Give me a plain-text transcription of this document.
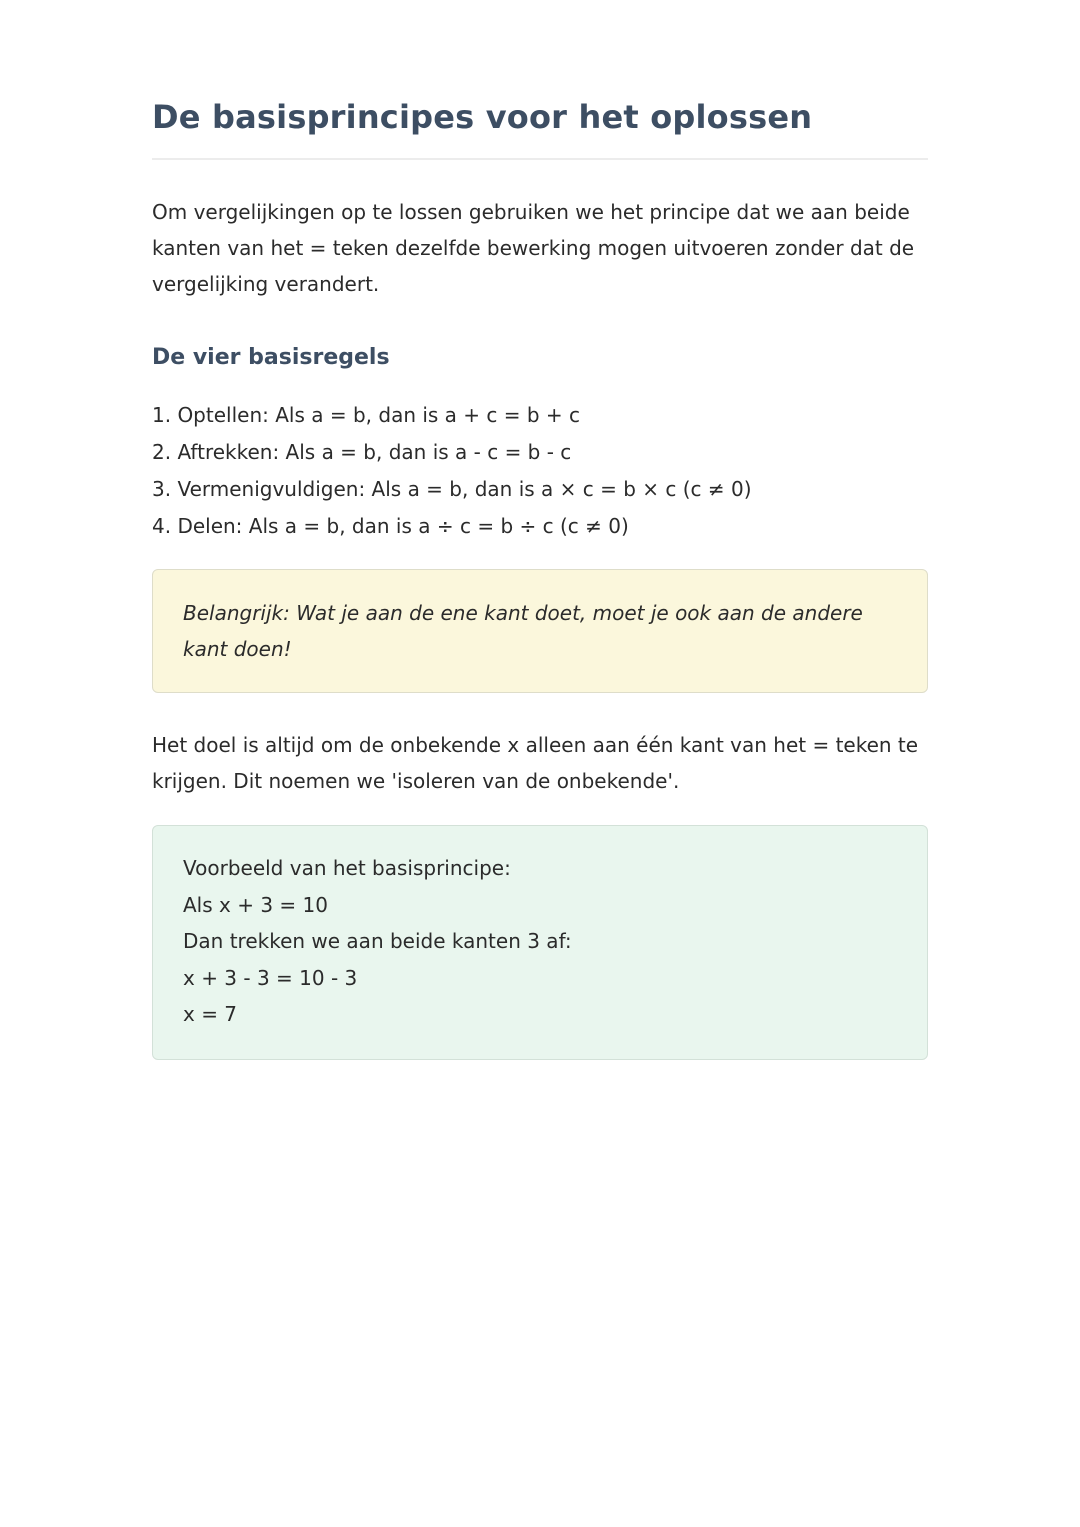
De basisprincipes voor het oplossen

Om vergelijkingen op te lossen gebruiken we het principe dat we aan beide kanten van het = teken dezelfde bewerking mogen uitvoeren zonder dat de vergelijking verandert.

De vier basisregels
1. Optellen: Als a = b, dan is a + c = b + c
2. Aftrekken: Als a = b, dan is a - c = b - c
3. Vermenigvuldigen: Als a = b, dan is a × c = b × c (c ≠ 0)
4. Delen: Als a = b, dan is a ÷ c = b ÷ c (c ≠ 0)

Belangrijk: Wat je aan de ene kant doet, moet je ook aan de andere kant doen!

Het doel is altijd om de onbekende x alleen aan één kant van het = teken te krijgen. Dit noemen we 'isoleren van de onbekende'.

Voorbeeld van het basisprincipe:
Als x + 3 = 10
Dan trekken we aan beide kanten 3 af:
x + 3 - 3 = 10 - 3
x = 7
